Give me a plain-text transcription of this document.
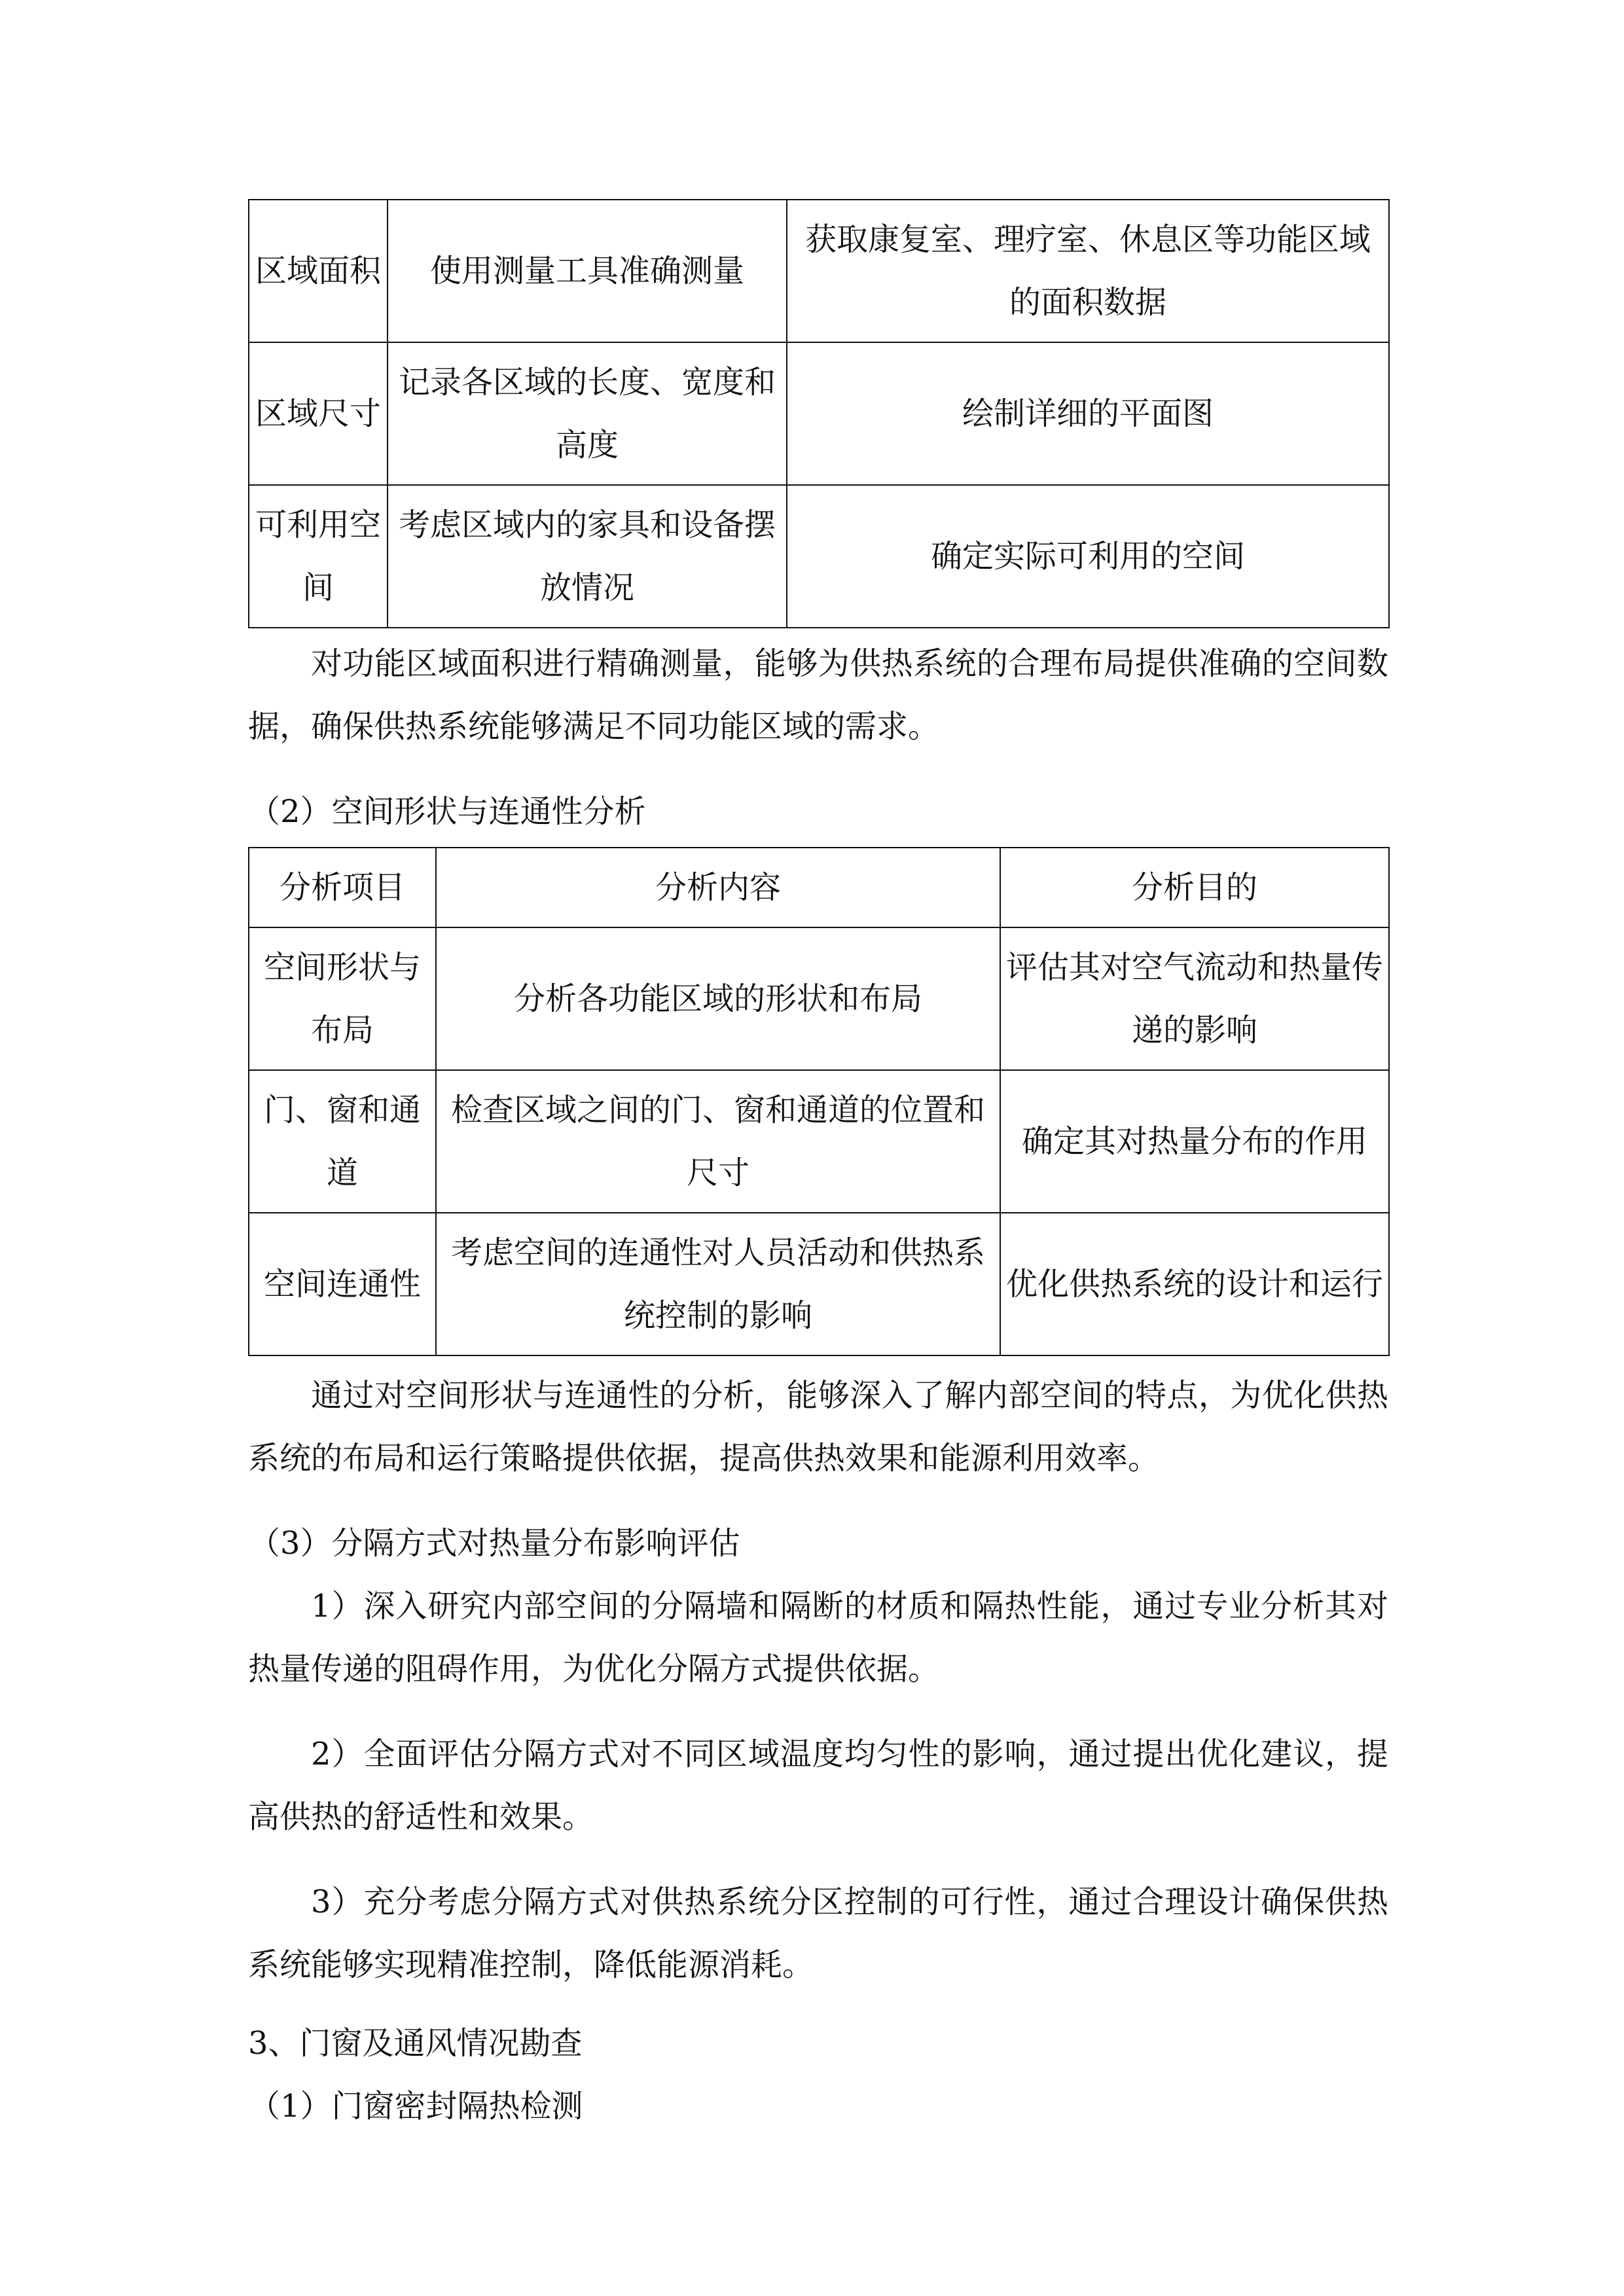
区域面积	使用测量工具准确测量	获取康复室、理疗室、休息区等功能区域的面积数据
区域尺寸	记录各区域的长度、宽度和高度	绘制详细的平面图
可利用空间	考虑区域内的家具和设备摆放情况	确定实际可利用的空间

对功能区域面积进行精确测量，能够为供热系统的合理布局提供准确的空间数据，确保供热系统能够满足不同功能区域的需求。

（2）空间形状与连通性分析

分析项目	分析内容	分析目的
空间形状与布局	分析各功能区域的形状和布局	评估其对空气流动和热量传递的影响
门、窗和通道	检查区域之间的门、窗和通道的位置和尺寸	确定其对热量分布的作用
空间连通性	考虑空间的连通性对人员活动和供热系统控制的影响	优化供热系统的设计和运行

通过对空间形状与连通性的分析，能够深入了解内部空间的特点，为优化供热系统的布局和运行策略提供依据，提高供热效果和能源利用效率。

（3）分隔方式对热量分布影响评估

1）深入研究内部空间的分隔墙和隔断的材质和隔热性能，通过专业分析其对热量传递的阻碍作用，为优化分隔方式提供依据。

2）全面评估分隔方式对不同区域温度均匀性的影响，通过提出优化建议，提高供热的舒适性和效果。

3）充分考虑分隔方式对供热系统分区控制的可行性，通过合理设计确保供热系统能够实现精准控制，降低能源消耗。

3、门窗及通风情况勘查

（1）门窗密封隔热检测
